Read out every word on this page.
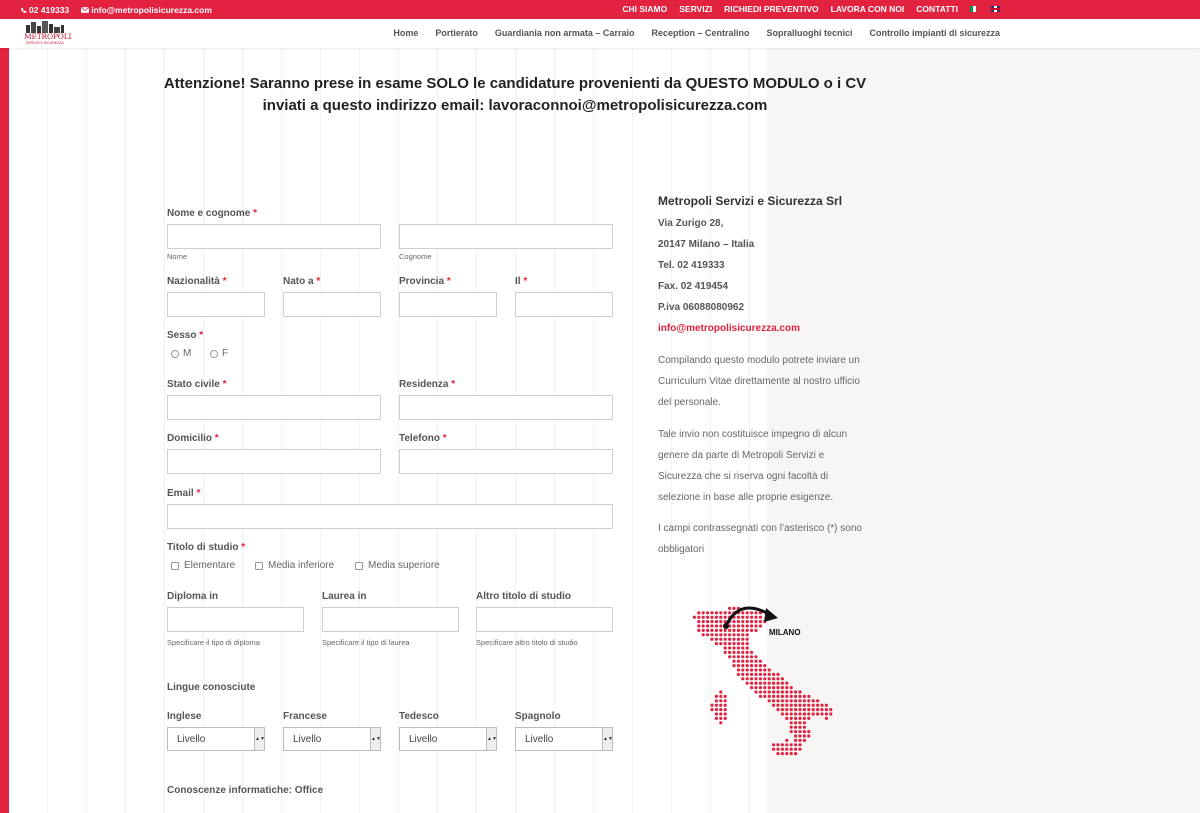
02 419333	info@metropolisicurezza.com	CHI SIAMO SERVIZI RICHIEDI PREVENTIVO LAVORA CON NOI CONTATTI
METROPOLI
SERVIZI E SICUREZZA
Home Portierato Guardiania non armata – Carraio Reception – Centralino Sopralluoghi tecnici Controllo impianti di sicurezza
Attenzione! Saranno prese in esame SOLO le candidature provenienti da QUESTO MODULO o i CV
inviati a questo indirizzo email: lavoraconnoi@metropolisicurezza.com
Nome e cognome *
Nome	Cognome
Nazionalità *	Nato a *	Provincia *	Il *
Sesso *
M	F
Stato civile *	Residenza *
Domicilio *	Telefono *
Email *
Titolo di studio *
Elementare	Media inferiore	Media superiore
Diploma in	Laurea in	Altro titolo di studio
Specificare il tipo di diploma	Specificare il tipo di laurea	Specificare altro titolo di studio
Lingue conosciute
Inglese	Francese	Tedesco	Spagnolo
Livello	▲▼	Livello	▲▼	Livello	▲▼	Livello	▲▼
Conoscenze informatiche: Office
Metropoli Servizi e Sicurezza Srl
Via Zurigo 28,
20147 Milano – Italia
Tel. 02 419333
Fax. 02 419454
P.iva 06088080962
info@metropolisicurezza.com
Compilando questo modulo potrete inviare un Curriculum Vitae direttamente al nostro ufficio del personale.
Tale invio non costituisce impegno di alcun genere da parte di Metropoli Servizi e Sicurezza che si riserva ogni facoltà di selezione in base alle proprie esigenze.
I campi contrassegnati con l’asterisco (*) sono obbligatori
MILANO
